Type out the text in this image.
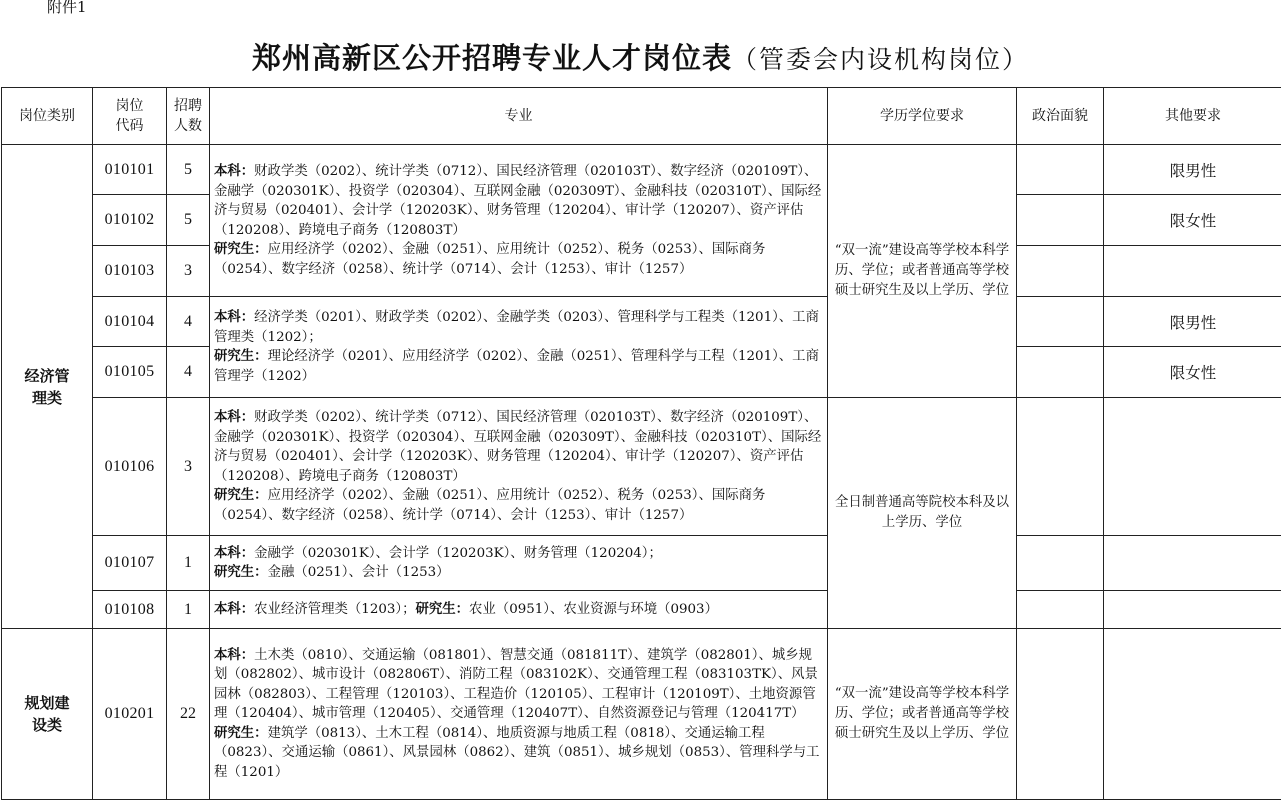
附件1
郑州高新区公开招聘专业人才岗位表（管委会内设机构岗位）
岗位类别	岗位代码	招聘人数	专业	学历学位要求	政治面貌	其他要求

经济管理类	010101	5	本科：财政学类（0202）、统计学类（0712）、国民经济管理（020103T）、数字经济（020109T）、金融学（020301K）、投资学（020304）、互联网金融（020309T）、金融科技（020310T）、国际经济与贸易（020401）、会计学（120203K）、财务管理（120204）、审计学（120207）、资产评估（120208）、跨境电子商务（120803T）
研究生：应用经济学（0202）、金融（0251）、应用统计（0252）、税务（0253）、国际商务（0254）、数字经济（0258）、统计学（0714）、会计（1253）、审计（1257）	“双一流”建设高等学校本科学历、学位；或者普通高等学校硕士研究生及以上学历、学位		限男性
	010102	5				限女性
	010103	3				
	010104	4	本科：经济学类（0201）、财政学类（0202）、金融学类（0203）、管理科学与工程类（1201）、工商管理类（1202）；
研究生：理论经济学（0201）、应用经济学（0202）、金融（0251）、管理科学与工程（1201）、工商管理学（1202）			限男性
	010105	4				限女性
	010106	3	本科：财政学类（0202）、统计学类（0712）、国民经济管理（020103T）、数字经济（020109T）、金融学（020301K）、投资学（020304）、互联网金融（020309T）、金融科技（020310T）、国际经济与贸易（020401）、会计学（120203K）、财务管理（120204）、审计学（120207）、资产评估（120208）、跨境电子商务（120803T）
研究生：应用经济学（0202）、金融（0251）、应用统计（0252）、税务（0253）、国际商务（0254）、数字经济（0258）、统计学（0714）、会计（1253）、审计（1257）	全日制普通高等院校本科及以上学历、学位		
	010107	1	本科：金融学（020301K）、会计学（120203K）、财务管理（120204）；
研究生：金融（0251）、会计（1253）			
	010108	1	本科：农业经济管理类（1203）；研究生：农业（0951）、农业资源与环境（0903）			

规划建设类	010201	22	本科：土木类（0810）、交通运输（081801）、智慧交通（081811T）、建筑学（082801）、城乡规划（082802）、城市设计（082806T）、消防工程（083102K）、交通管理工程（083103TK）、风景园林（082803）、工程管理（120103）、工程造价（120105）、工程审计（120109T）、土地资源管理（120404）、城市管理（120405）、交通管理（120407T）、自然资源登记与管理（120417T）
研究生：建筑学（0813）、土木工程（0814）、地质资源与地质工程（0818）、交通运输工程（0823）、交通运输（0861）、风景园林（0862）、建筑（0851）、城乡规划（0853）、管理科学与工程（1201）	“双一流”建设高等学校本科学历、学位；或者普通高等学校硕士研究生及以上学历、学位		
